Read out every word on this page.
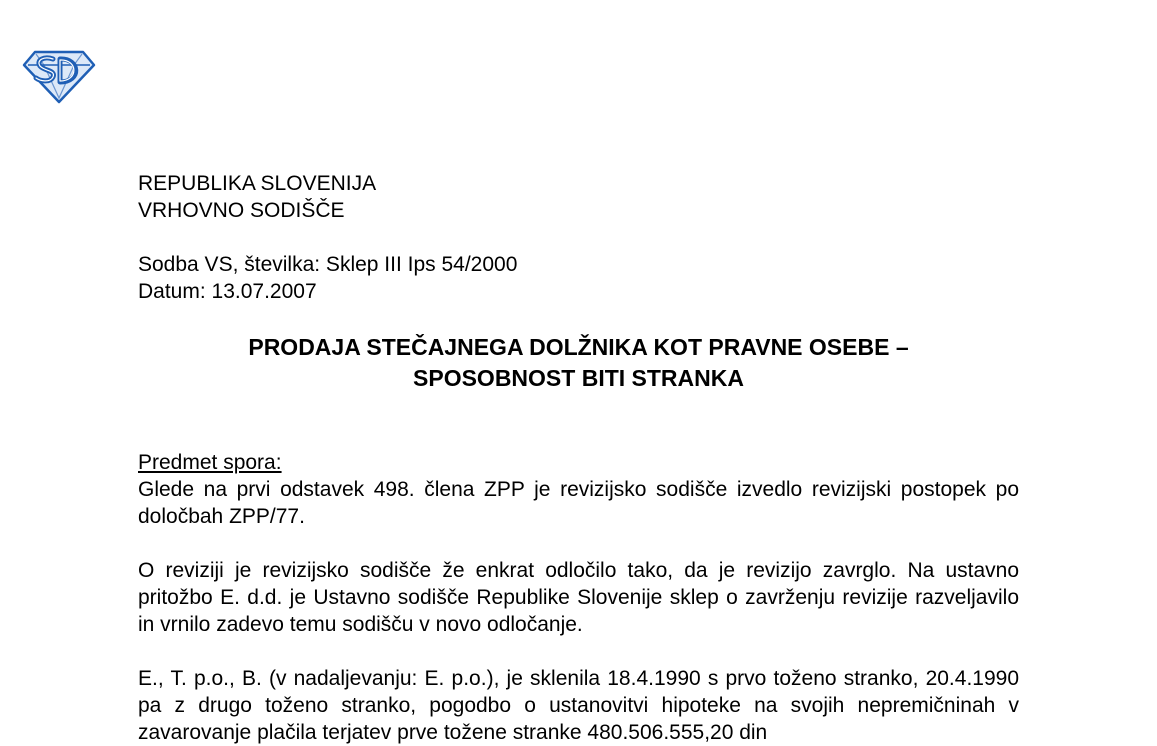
REPUBLIKA SLOVENIJA
VRHOVNO SODIŠČE
Sodba VS, številka: Sklep III Ips 54/2000
Datum: 13.07.2007
PRODAJA STEČAJNEGA DOLŽNIKA KOT PRAVNE OSEBE –
SPOSOBNOST BITI STRANKA
Predmet spora:

Glede na prvi odstavek 498. člena ZPP je revizijsko sodišče izvedlo revizijski postopek po določbah ZPP/77.

O reviziji je revizijsko sodišče že enkrat odločilo tako, da je revizijo zavrglo. Na ustavno pritožbo E. d.d. je Ustavno sodišče Republike Slovenije sklep o zavrženju revizije razveljavilo in vrnilo zadevo temu sodišču v novo odločanje.

E., T. p.o., B. (v nadaljevanju: E. p.o.), je sklenila 18.4.1990 s prvo toženo stranko, 20.4.1990 pa z drugo toženo stranko, pogodbo o ustanovitvi hipoteke na svojih nepremičninah v zavarovanje plačila terjatev prve tožene stranke 480.506.555,20 din
